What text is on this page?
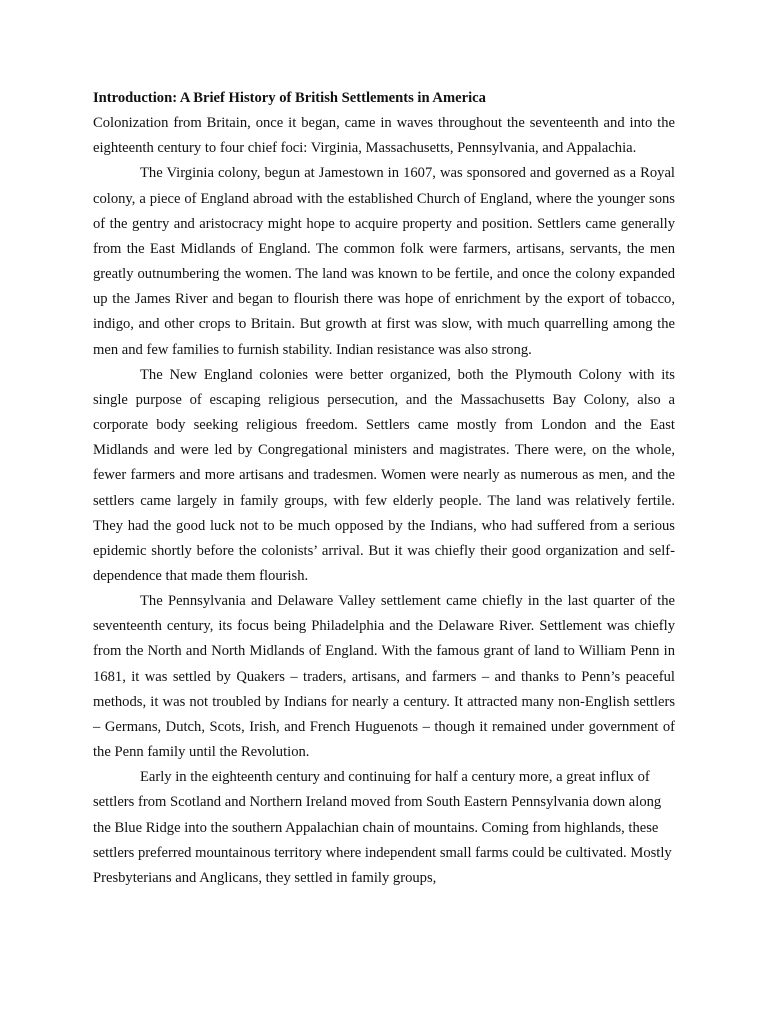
Introduction: A Brief History of British Settlements in America

Colonization from Britain, once it began, came in waves throughout the seventeenth and into the eighteenth century to four chief foci: Virginia, Massachusetts, Pennsylvania, and Appalachia.

The Virginia colony, begun at Jamestown in 1607, was sponsored and governed as a Royal colony, a piece of England abroad with the established Church of England, where the younger sons of the gentry and aristocracy might hope to acquire property and position. Settlers came generally from the East Midlands of England. The common folk were farmers, artisans, servants, the men greatly outnumbering the women. The land was known to be fertile, and once the colony expanded up the James River and began to flourish there was hope of enrichment by the export of tobacco, indigo, and other crops to Britain. But growth at first was slow, with much quarrelling among the men and few families to furnish stability. Indian resistance was also strong.

The New England colonies were better organized, both the Plymouth Colony with its single purpose of escaping religious persecution, and the Massachusetts Bay Colony, also a corporate body seeking religious freedom. Settlers came mostly from London and the East Midlands and were led by Congregational ministers and magistrates. There were, on the whole, fewer farmers and more artisans and tradesmen. Women were nearly as numerous as men, and the settlers came largely in family groups, with few elderly people. The land was relatively fertile. They had the good luck not to be much opposed by the Indians, who had suffered from a serious epidemic shortly before the colonists’ arrival. But it was chiefly their good organization and self-dependence that made them flourish.

The Pennsylvania and Delaware Valley settlement came chiefly in the last quarter of the seventeenth century, its focus being Philadelphia and the Delaware River. Settlement was chiefly from the North and North Midlands of England. With the famous grant of land to William Penn in 1681, it was settled by Quakers – traders, artisans, and farmers – and thanks to Penn’s peaceful methods, it was not troubled by Indians for nearly a century. It attracted many non-English settlers – Germans, Dutch, Scots, Irish, and French Huguenots – though it remained under government of the Penn family until the Revolution.

Early in the eighteenth century and continuing for half a century more, a great influx of settlers from Scotland and Northern Ireland moved from South Eastern Pennsylvania down along the Blue Ridge into the southern Appalachian chain of mountains. Coming from highlands, these settlers preferred mountainous territory where independent small farms could be cultivated. Mostly Presbyterians and Anglicans, they settled in family groups,
